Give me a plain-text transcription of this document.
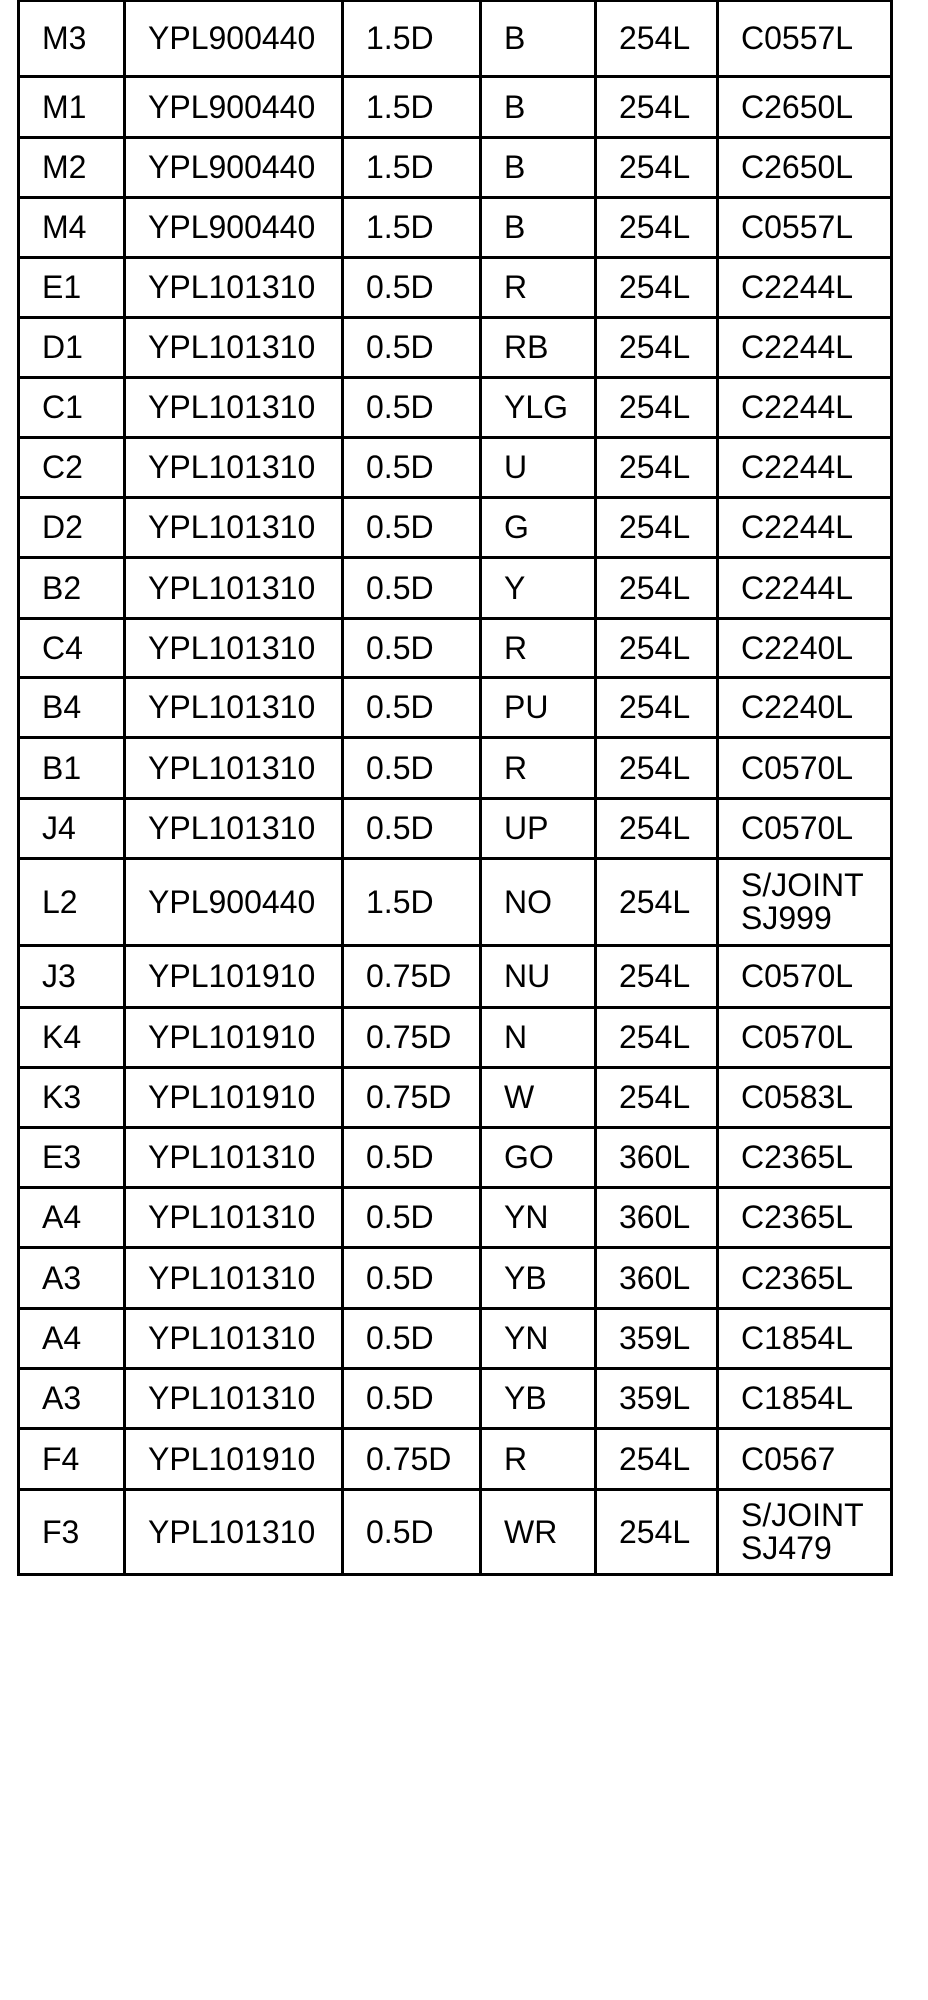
M3	YPL900440	1.5D	B	254L	C0557L
M1	YPL900440	1.5D	B	254L	C2650L
M2	YPL900440	1.5D	B	254L	C2650L
M4	YPL900440	1.5D	B	254L	C0557L
E1	YPL101310	0.5D	R	254L	C2244L
D1	YPL101310	0.5D	RB	254L	C2244L
C1	YPL101310	0.5D	YLG	254L	C2244L
C2	YPL101310	0.5D	U	254L	C2244L
D2	YPL101310	0.5D	G	254L	C2244L
B2	YPL101310	0.5D	Y	254L	C2244L
C4	YPL101310	0.5D	R	254L	C2240L
B4	YPL101310	0.5D	PU	254L	C2240L
B1	YPL101310	0.5D	R	254L	C0570L
J4	YPL101310	0.5D	UP	254L	C0570L
L2	YPL900440	1.5D	NO	254L	S/JOINT
SJ999
J3	YPL101910	0.75D	NU	254L	C0570L
K4	YPL101910	0.75D	N	254L	C0570L
K3	YPL101910	0.75D	W	254L	C0583L
E3	YPL101310	0.5D	GO	360L	C2365L
A4	YPL101310	0.5D	YN	360L	C2365L
A3	YPL101310	0.5D	YB	360L	C2365L
A4	YPL101310	0.5D	YN	359L	C1854L
A3	YPL101310	0.5D	YB	359L	C1854L
F4	YPL101910	0.75D	R	254L	C0567
F3	YPL101310	0.5D	WR	254L	S/JOINT
SJ479
